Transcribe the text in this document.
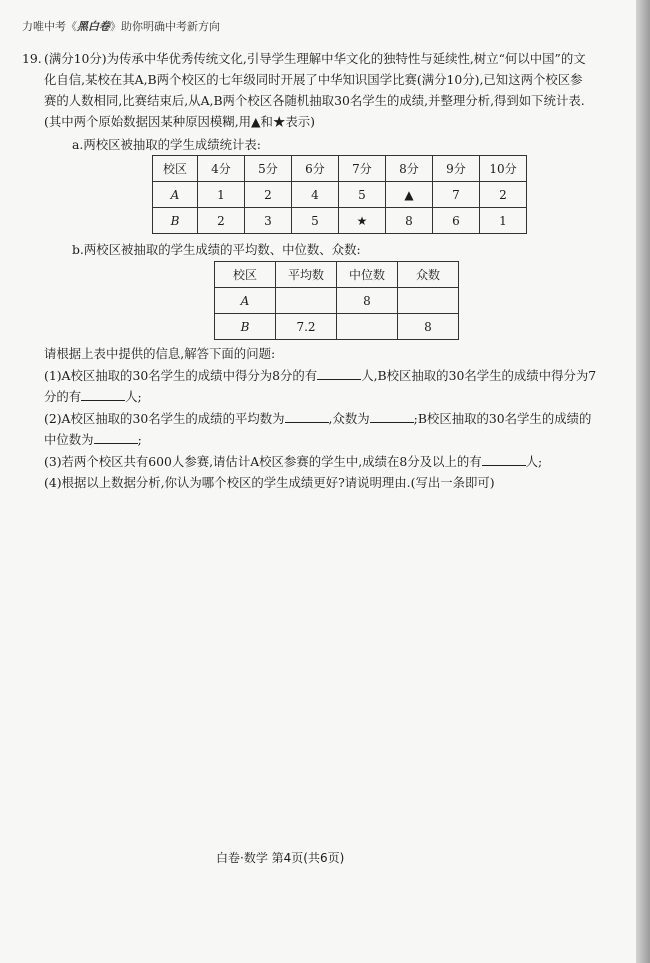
力唯中考《黑白卷》助你明确中考新方向
19. (满分10分)为传承中华优秀传统文化,引导学生理解中华文化的独特性与延续性,树立“何以中国”的文化自信,某校在其A,B两个校区的七年级同时开展了中华知识国学比赛(满分10分),已知这两个校区参赛的人数相同,比赛结束后,从A,B两个校区各随机抽取30名学生的成绩,并整理分析,得到如下统计表.(其中两个原始数据因某种原因模糊,用▲和★表示)
a.两校区被抽取的学生成绩统计表:
校区	4分	5分	6分	7分	8分	9分	10分
A	1	2	4	5	▲	7	2
B	2	3	5	★	8	6	1
b.两校区被抽取的学生成绩的平均数、中位数、众数:
校区	平均数	中位数	众数
A		8	
B	7.2		8
请根据上表中提供的信息,解答下面的问题:
(1)A校区抽取的30名学生的成绩中得分为8分的有	人,B校区抽取的30名学生的成绩中得分为7分的有	人;
(2)A校区抽取的30名学生的成绩的平均数为	,众数为	;B校区抽取的30名学生的成绩的中位数为	;
(3)若两个校区共有600人参赛,请估计A校区参赛的学生中,成绩在8分及以上的有	人;
(4)根据以上数据分析,你认为哪个校区的学生成绩更好?请说明理由.(写出一条即可)
白卷·数学 第4页(共6页)
